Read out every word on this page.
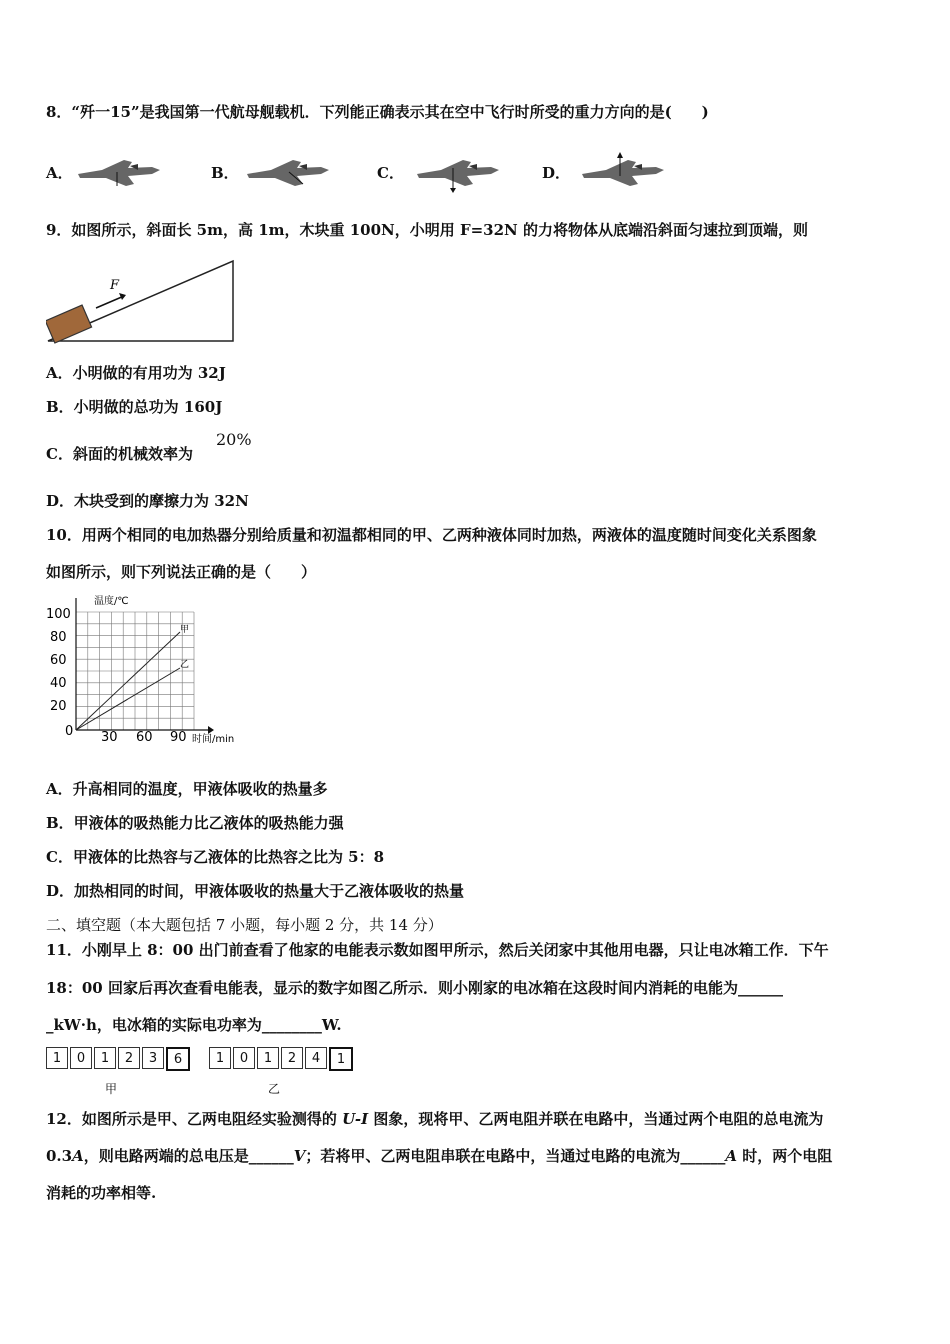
8．“歼一15”是我国第一代航母舰载机．下列能正确表示其在空中飞行时所受的重力方向的是(　　)
A．	B．	C．	D．
9．如图所示，斜面长 5m，高 1m，木块重 100N，小明用 F=32N 的力将物体从底端沿斜面匀速拉到顶端，则
F
A．小明做的有用功为 32J
B．小明做的总功为 160J
C．斜面的机械效率为
20%
D．木块受到的摩擦力为 32N
10．用两个相同的电加热器分别给质量和初温都相同的甲、乙两种液体同时加热，两液体的温度随时间变化关系图象
如图所示，则下列说法正确的是（　　）
温度/℃
时间/min
100
80
60
40
20
0 30 60 90
甲
乙
A．升高相同的温度，甲液体吸收的热量多
B．甲液体的吸热能力比乙液体的吸热能力强
C．甲液体的比热容与乙液体的比热容之比为 5：8
D．加热相同的时间，甲液体吸收的热量大于乙液体吸收的热量
二、填空题（本大题包括 7 小题，每小题 2 分，共 14 分）
11．小刚早上 8：00 出门前查看了他家的电能表示数如图甲所示，然后关闭家中其他用电器，只让电冰箱工作．下午
18：00 回家后再次查看电能表，显示的数字如图乙所示．则小刚家的电冰箱在这段时间内消耗的电能为______
_kW·h，电冰箱的实际电功率为________W.
1	0	1	2	3	6
甲
1	0	1	2	4	1
乙
12．如图所示是甲、乙两电阻经实验测得的 U-I 图象，现将甲、乙两电阻并联在电路中，当通过两个电阻的总电流为
0.3A，则电路两端的总电压是______V；若将甲、乙两电阻串联在电路中，当通过电路的电流为______A 时，两个电阻
消耗的功率相等.
